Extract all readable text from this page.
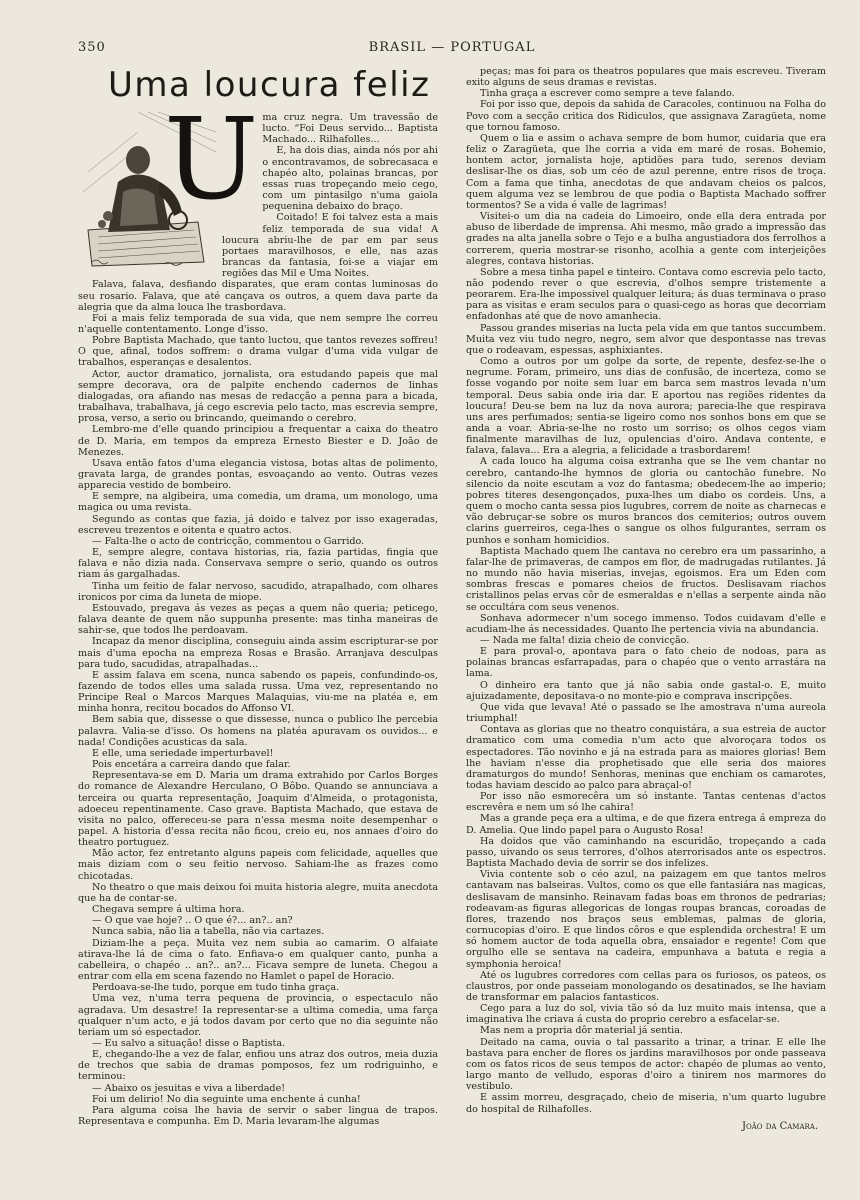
350	BRASIL — PORTUGAL
Uma loucura feliz
U ma cruz negra. Um travessão de lucto. “Foi Deus servido... Baptista Machado... Rilhafolles...

E, ha dois dias, ainda nós por ahi o encontravamos, de sobrecasaca e chapéo alto, polainas brancas, por essas ruas tropeçando meio cego, com um pintasilgo n'uma gaiola pequenina debaixo do braço.

Coitado! E foi talvez esta a mais feliz temporada de sua vida! A loucura abriu-lhe de par em par seus portaes maravilhosos, e elle, nas azas brancas da fantasia, foi-se a viajar em regiões das Mil e Uma Noites.

Falava, falava, desfiando disparates, que eram contas luminosas do seu rosario. Falava, que até cançava os outros, a quem dava parte da alegria que da alma louca lhe trasbordava.

Foi a mais feliz temporada de sua vida, que nem sempre lhe correu n'aquelle contentamento. Longe d'isso.

Pobre Baptista Machado, que tanto luctou, que tantos revezes soffreu! O que, afinal, todos soffrem: o drama vulgar d'uma vida vulgar de trabalhos, esperanças e desalentos.

Actor, auctor dramatico, jornalista, ora estudando papeis que mal sempre decorava, ora de palpite enchendo cadernos de linhas dialogadas, ora afiando nas mesas de redacção a penna para a bicada, trabalhava, trabalhava, já cego escrevia pelo tacto, mas escrevia sempre, prosa, verso, a serio ou brincando, queimando o cerebro.

Lembro-me d'elle quando principiou a frequentar a caixa do theatro de D. Maria, em tempos da empreza Ernesto Biester e D. João de Menezes.

Usava então fatos d'uma elegancia vistosa, botas altas de polimento, gravata larga, de grandes pontas, esvoaçando ao vento. Outras vezes apparecia vestido de bombeiro.

E sempre, na algibeira, uma comedia, um drama, um monologo, uma magica ou uma revista.

Segundo as contas que fazia, já doido e talvez por isso exageradas, escreveu trezentos e oitenta e quatro actos.

— Falta-lhe o acto de contricção, commentou o Garrido.

E, sempre alegre, contava historias, ria, fazia partidas, fingia que falava e não dizia nada. Conservava sempre o serio, quando os outros riam ás gargalhadas.

Tinha um feitio de falar nervoso, sacudido, atrapalhado, com olhares ironicos por cima da luneta de miope.

Estouvado, pregava ás vezes as peças a quem não queria; peticego, falava deante de quem não suppunha presente: mas tinha maneiras de sahir-se, que todos lhe perdoavam.

Incapaz da menor disciplina, conseguiu ainda assim escripturar-se por mais d'uma epocha na empreza Rosas e Brasão. Arranjava desculpas para tudo, sacudidas, atrapalhadas...

E assim falava em scena, nunca sabendo os papeis, confundindo-os, fazendo de todos elles uma salada russa. Uma vez, representando no Principe Real o Marcos Marques Malaquias, viu-me na platéa e, em minha honra, recitou bocados do Affonso VI.

Bem sabia que, dissesse o que dissesse, nunca o publico lhe percebia palavra. Valia-se d'isso. Os homens na platéa apuravam os ouvidos... e nada! Condições acusticas da sala.

E elle, uma seriedade imperturbavel!

Pois encetára a carreira dando que falar.

Representava-se em D. Maria um drama extrahido por Carlos Borges do romance de Alexandre Herculano, O Bôbo. Quando se annunciava a terceira ou quarta representação, Joaquim d'Almeida, o protagonista, adoeceu repentinamente. Caso grave. Baptista Machado, que estava de visita no palco, offereceu-se para n'essa mesma noite desempenhar o papel. A historia d'essa recita não ficou, creio eu, nos annaes d'oiro do theatro portuguez.

Mão actor, fez entretanto alguns papeis com felicidade, aquelles que mais diziam com o seu feitio nervoso. Sahiam-lhe as frazes como chicotadas.

No theatro o que mais deixou foi muita historia alegre, muita anecdota que ha de contar-se.

Chegava sempre á ultima hora.

— O que vae hoje? .. O que é?... an?.. an?

Nunca sabia, não lia a tabella, não via cartazes.

Diziam-lhe a peça. Muita vez nem subia ao camarim. O alfaiate atirava-lhe lá de cima o fato. Enfiava-o em qualquer canto, punha a cabelleira, o chapéo .. an?.. an?... Ficava sempre de luneta. Chegou a entrar com ella em scena fazendo no Hamlet o papel de Horacio.

Perdoava-se-lhe tudo, porque em tudo tinha graça.

Uma vez, n'uma terra pequena de provincia, o espectaculo não agradava. Um desastre! Ia representar-se a ultima comedia, uma farça qualquer n'um acto, e já todos davam por certo que no dia seguinte não teriam um só espectador.

— Eu salvo a situação! disse o Baptista.

E, chegando-lhe a vez de falar, enfiou uns atraz dos outros, meia duzia de trechos que sabia de dramas pomposos, fez um rodriguinho, e terminou:

— Abaixo os jesuitas e viva a liberdade!

Foi um delirio! No dia seguinte uma enchente á cunha!

Para alguma coisa lhe havia de servir o saber lingua de trapos. Representava e compunha. Em D. Maria levaram-lhe algumas

peças; mas foi para os theatros populares que mais escreveu. Tiveram exito alguns de seus dramas e revistas.

Tinha graça a escrever como sempre a teve falando.

Foi por isso que, depois da sahida de Caracoles, continuou na Folha do Povo com a secção critica dos Ridiculos, que assignava Zaragüeta, nome que tornou famoso.

Quem o lia e assim o achava sempre de bom humor, cuidaria que era feliz o Zaragüeta, que lhe corria a vida em maré de rosas. Bohemio, hontem actor, jornalista hoje, aptidões para tudo, serenos deviam deslisar-lhe os dias, sob um céo de azul perenne, entre risos de troça. Com a fama que tinha, anecdotas de que andavam cheios os palcos, quem alguma vez se lembrou de que podia o Baptista Machado soffrer tormentos? Se a vida é valle de lagrimas!

Visitei-o um dia na cadeia do Limoeiro, onde ella dera entrada por abuso de liberdade de imprensa. Ahi mesmo, mão grado a impressão das grades na alta janella sobre o Tejo e a bulha angustiadora dos ferrolhos a correrem, queria mostrar-se risonho, acolhia a gente com interjeições alegres, contava historias.

Sobre a mesa tinha papel e tinteiro. Contava como escrevia pelo tacto, não podendo rever o que escrevia, d'olhos sempre tristemente a peorarem. Era-lhe impossivel qualquer leitura; ás duas terminava o praso para as visitas e eram seculos para o quasi-cego as horas que decorriam enfadonhas até que de novo amanhecia.

Passou grandes miserias na lucta pela vida em que tantos succumbem. Muita vez viu tudo negro, negro, sem alvor que despontasse nas trevas que o rodeavam, espessas, asphixiantes.

Como a outros por um golpe da sorte, de repente, desfez-se-lhe o negrume. Foram, primeiro, uns dias de confusão, de incerteza, como se fosse vogando por noite sem luar em barca sem mastros levada n'um temporal. Deus sabia onde iria dar. E aportou nas regiões ridentes da loucura! Deu-se bem na luz da nova aurora; parecia-lhe que respirava uns ares perfumados; sentia-se ligeiro como nos sonhos bons em que se anda a voar. Abria-se-lhe no rosto um sorriso; os olhos cegos viam finalmente maravilhas de luz, opulencias d'oiro. Andava contente, e falava, falava... Era a alegria, a felicidade a trasbordarem!

A cada louco ha alguma coisa extranha que se lhe vem chantar no cerebro, cantando-lhe hymnos de gloria ou cantochão funebre. No silencio da noite escutam a voz do fantasma; obedecem-lhe ao imperio; pobres titeres desengonçados, puxa-lhes um diabo os cordeis. Uns, a quem o mocho canta sessa pios lugubres, correm de noite as charnecas e vão debruçar-se sobre os muros brancos dos cemiterios; outros ouvem clarins guerreiros, cega-lhes o sangue os olhos fulgurantes, serram os punhos e sonham homicidios.

Baptista Machado quem lhe cantava no cerebro era um passarinho, a falar-lhe de primaveras, de campos em flor, de madrugadas rutilantes. Já no mundo não havia miserias, invejas, egoismos. Era um Eden com sombras frescas e pomares cheios de fructos. Deslisavam riachos cristallinos pelas ervas côr de esmeraldas e n'ellas a serpente ainda não se occultára com seus venenos.

Sonhava adormecer n'um socego immenso. Todos cuidavam d'elle e acudiam-lhe ás necessidades. Quanto lhe pertencia vivia na abundancia.

— Nada me falta! dizia cheio de convicção.

E para proval-o, apontava para o fato cheio de nodoas, para as polainas brancas esfarrapadas, para o chapéo que o vento arrastára na lama.

O dinheiro era tanto que já não sabia onde gastal-o. E, muito ajuizadamente, depositava-o no monte-pio e comprava inscripções.

Que vida que levava! Até o passado se lhe amostrava n'uma aureola triumphal!

Contava as glorias que no theatro conquistára, a sua estreia de auctor dramatico com uma comedia n'um acto que alvoroçara todos os espectadores. Tão novinho e já na estrada para as maiores glorias! Bem lhe haviam n'esse dia prophetisado que elle seria dos maiores dramaturgos do mundo! Senhoras, meninas que enchiam os camarotes, todas haviam descido ao palco para abraçal-o!

Por isso não esmorecêra um só instante. Tantas centenas d'actos escrevêra e nem um só lhe cahira!

Mas a grande peça era a ultima, e de que fizera entrega á empreza do D. Amelia. Que lindo papel para o Augusto Rosa!

Ha doidos que vão caminhando na escuridão, tropeçando a cada passo, uivando os seus terrores, d'olhos aterrorisados ante os espectros. Baptista Machado devia de sorrir se dos infelizes.

Vivia contente sob o céo azul, na paizagem em que tantos melros cantavam nas balseiras. Vultos, como os que elle fantasiára nas magicas, deslisavam de mansinho. Reinavam fadas boas em thronos de pedrarias; rodeavam-as figuras allegoricas de longas roupas brancas, coroadas de flores, trazendo nos braços seus emblemas, palmas de gloria, cornucopias d'oiro. E que lindos côros e que esplendida orchestra! E um só homem auctor de toda aquella obra, ensaiador e regente! Com que orgulho elle se sentava na cadeira, empunhava a batuta e regia a symphonia heroica!

Até os lugubres corredores com cellas para os furiosos, os pateos, os claustros, por onde passeiam monologando os desatinados, se lhe haviam de transformar em palacios fantasticos.

Cego para a luz do sol, vivia tão só da luz muito mais intensa, que a imaginativa lhe criava á custa do proprio cerebro a esfacelar-se.

Mas nem a propria dôr material já sentia.

Deitado na cama, ouvia o tal passarito a trinar, a trinar. E elle lhe bastava para encher de flores os jardins maravilhosos por onde passeava com os fatos ricos de seus tempos de actor: chapéo de plumas ao vento, largo manto de velludo, esporas d'oiro a tinirem nos marmores do vestibulo.

E assim morreu, desgraçado, cheio de miseria, n'um quarto lugubre do hospital de Rilhafolles.

João da Camara.
